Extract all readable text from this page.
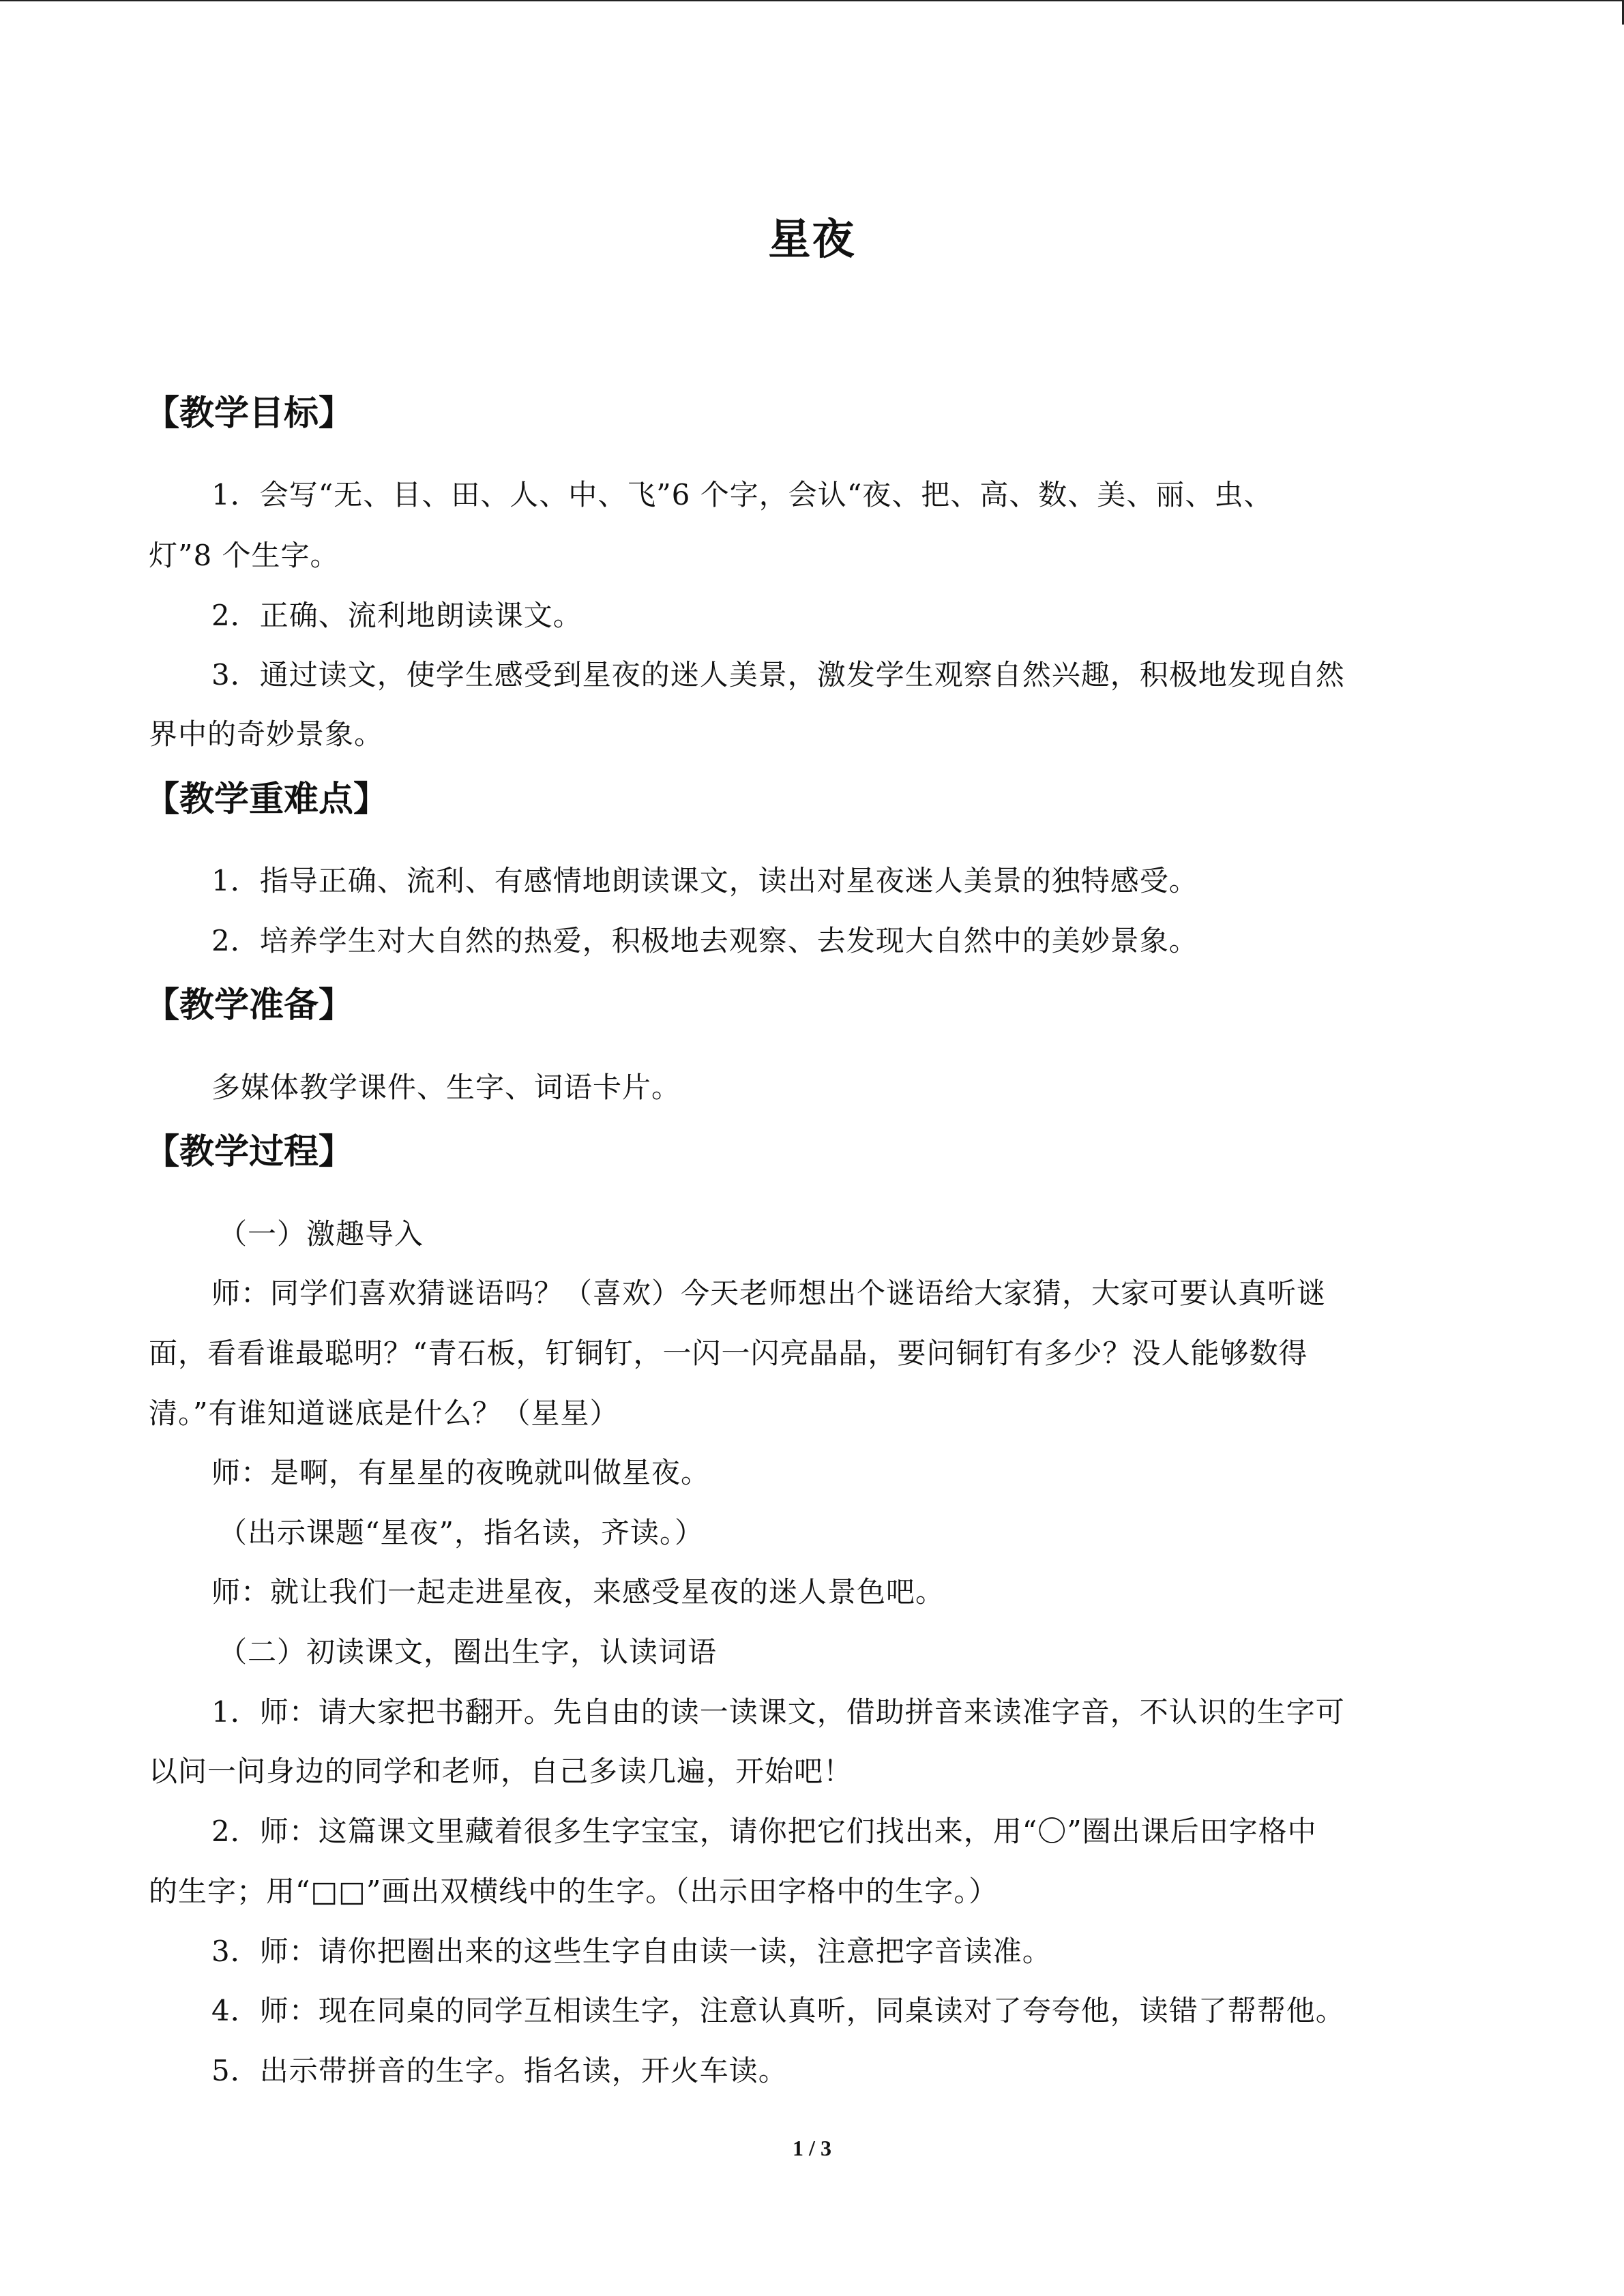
星夜
【教学目标】
1．会写“无、目、田、人、中、飞”6 个字，会认“夜、把、高、数、美、丽、虫、
灯”8 个生字。
2．正确、流利地朗读课文。
3．通过读文，使学生感受到星夜的迷人美景，激发学生观察自然兴趣，积极地发现自然
界中的奇妙景象。
【教学重难点】
1．指导正确、流利、有感情地朗读课文，读出对星夜迷人美景的独特感受。
2．培养学生对大自然的热爱，积极地去观察、去发现大自然中的美妙景象。
【教学准备】
多媒体教学课件、生字、词语卡片。
【教学过程】
（一）激趣导入
师：同学们喜欢猜谜语吗？（喜欢）今天老师想出个谜语给大家猜，大家可要认真听谜
面，看看谁最聪明？“青石板，钉铜钉，一闪一闪亮晶晶，要问铜钉有多少？没人能够数得
清。”有谁知道谜底是什么？（星星）
师：是啊，有星星的夜晚就叫做星夜。
（出示课题“星夜”，指名读，齐读。）
师：就让我们一起走进星夜，来感受星夜的迷人景色吧。
（二）初读课文，圈出生字，认读词语
1．师：请大家把书翻开。先自由的读一读课文，借助拼音来读准字音，不认识的生字可
以问一问身边的同学和老师，自己多读几遍，开始吧！
2．师：这篇课文里藏着很多生字宝宝，请你把它们找出来，用“〇”圈出课后田字格中
的生字；用“□□”画出双横线中的生字。（出示田字格中的生字。）
3．师：请你把圈出来的这些生字自由读一读，注意把字音读准。
4．师：现在同桌的同学互相读生字，注意认真听，同桌读对了夸夸他，读错了帮帮他。
5．出示带拼音的生字。指名读，开火车读。
1 / 3
